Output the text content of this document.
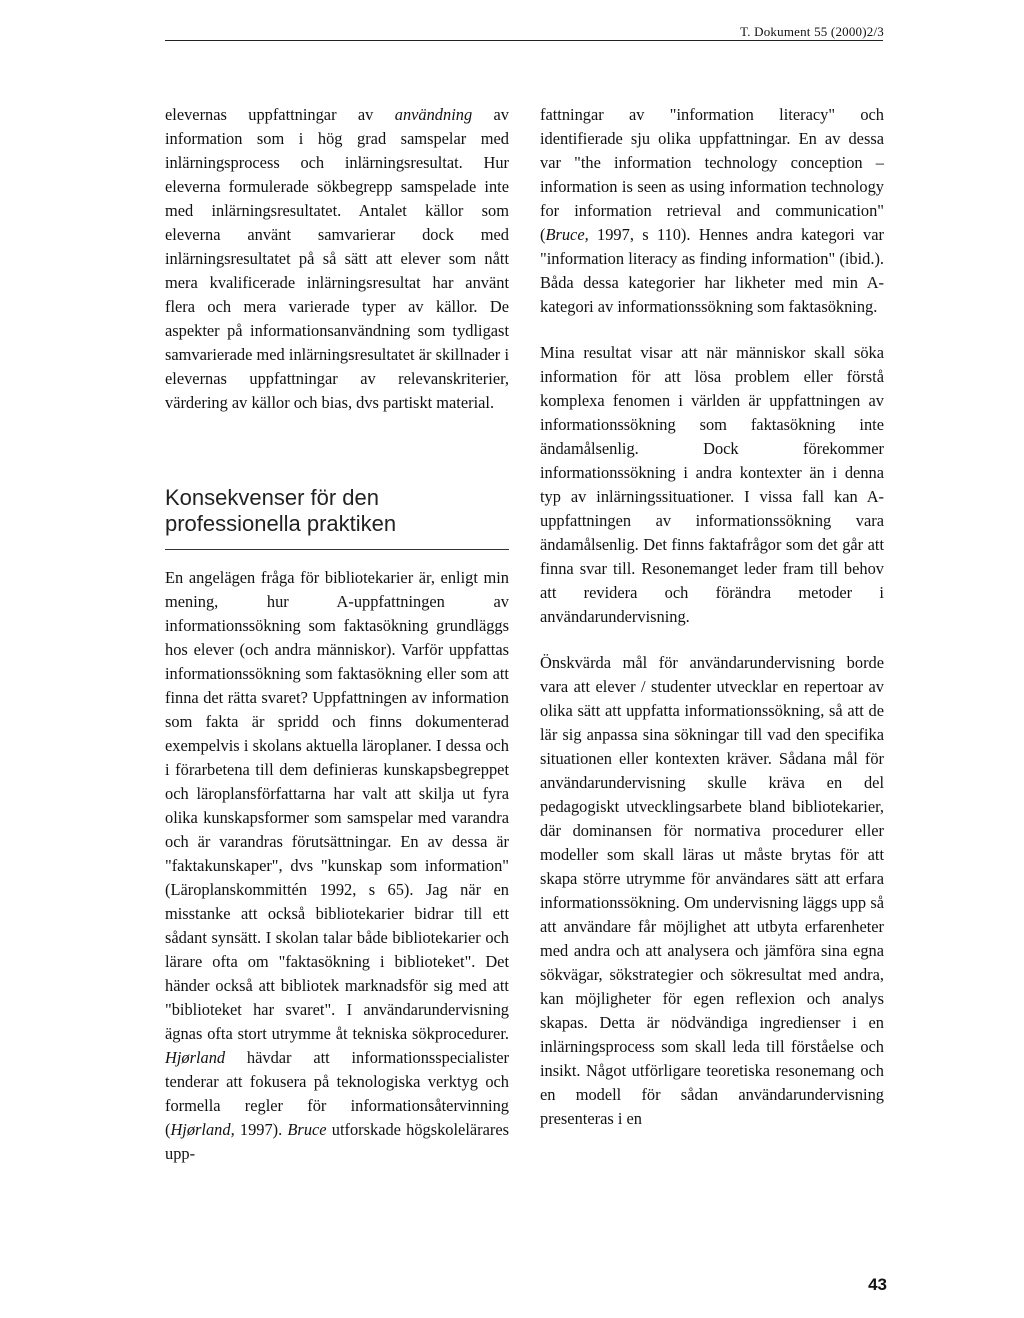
T. Dokument 55 (2000)2/3

elevernas uppfattningar av användning av information som i hög grad samspelar med inlärningsprocess och inlärningsresultat. Hur eleverna formulerade sökbegrepp samspelade inte med inlärningsresultatet. Antalet källor som eleverna använt samvarierar dock med inlärningsresultatet på så sätt att elever som nått mera kvalificerade inlärningsresultat har använt flera och mera varierade typer av källor. De aspekter på informationsanvändning som tydligast samvarierade med inlärningsresultatet är skillnader i elevernas uppfattningar av relevanskriterier, värdering av källor och bias, dvs partiskt material.

Konsekvenser för den professionella praktiken

En angelägen fråga för bibliotekarier är, enligt min mening, hur A-uppfattningen av informationssökning som faktasökning grundläggs hos elever (och andra människor). Varför uppfattas informationssökning som faktasökning eller som att finna det rätta svaret? Uppfattningen av information som fakta är spridd och finns dokumenterad exempelvis i skolans aktuella läroplaner. I dessa och i förarbetena till dem definieras kunskapsbegreppet och läroplansförfattarna har valt att skilja ut fyra olika kunskapsformer som samspelar med varandra och är varandras förutsättningar. En av dessa är "faktakunskaper", dvs "kunskap som information" (Läroplanskommittén 1992, s 65). Jag när en misstanke att också bibliotekarier bidrar till ett sådant synsätt. I skolan talar både bibliotekarier och lärare ofta om "faktasökning i biblioteket". Det händer också att bibliotek marknadsför sig med att "biblioteket har svaret". I användarundervisning ägnas ofta stort utrymme åt tekniska sökprocedurer. Hjørland hävdar att informationsspecialister tenderar att fokusera på teknologiska verktyg och formella regler för informationsåtervinning (Hjørland, 1997). Bruce utforskade högskolelärares upp-

fattningar av "information literacy" och identifierade sju olika uppfattningar. En av dessa var "the information technology conception – information is seen as using information technology for information retrieval and communication" (Bruce, 1997, s 110). Hennes andra kategori var "information literacy as finding information" (ibid.). Båda dessa kategorier har likheter med min A-kategori av informationssökning som faktasökning.

Mina resultat visar att när människor skall söka information för att lösa problem eller förstå komplexa fenomen i världen är uppfattningen av informationssökning som faktasökning inte ändamålsenlig. Dock förekommer informationssökning i andra kontexter än i denna typ av inlärningssituationer. I vissa fall kan A-uppfattningen av informationssökning vara ändamålsenlig. Det finns faktafrågor som det går att finna svar till. Resonemanget leder fram till behov att revidera och förändra metoder i användarundervisning.

Önskvärda mål för användarundervisning borde vara att elever / studenter utvecklar en repertoar av olika sätt att uppfatta informationssökning, så att de lär sig anpassa sina sökningar till vad den specifika situationen eller kontexten kräver. Sådana mål för användarundervisning skulle kräva en del pedagogiskt utvecklingsarbete bland bibliotekarier, där dominansen för normativa procedurer eller modeller som skall läras ut måste brytas för att skapa större utrymme för användares sätt att erfara informationssökning. Om undervisning läggs upp så att användare får möjlighet att utbyta erfarenheter med andra och att analysera och jämföra sina egna sökvägar, sökstrategier och sökresultat med andra, kan möjligheter för egen reflexion och analys skapas. Detta är nödvändiga ingredienser i en inlärningsprocess som skall leda till förståelse och insikt. Något utförligare teoretiska resonemang och en modell för sådan användarundervisning presenteras i en

43
